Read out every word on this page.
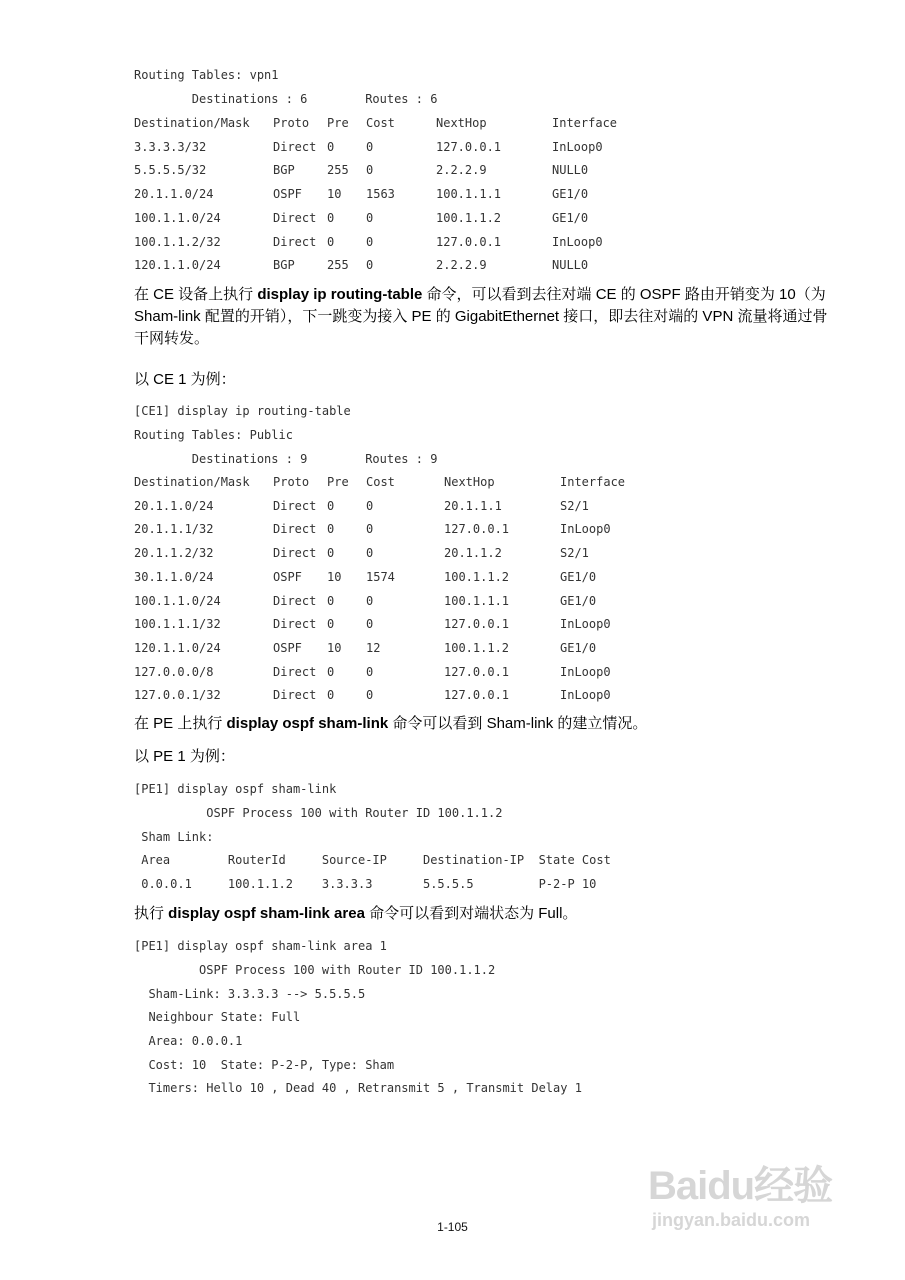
Routing Tables: vpn1
Destinations : 6        Routes : 6
Destination/Mask Proto Pre Cost	NextHop	Interface
3.3.3.3/32	Direct 0	0	127.0.0.1	InLoop0
5.5.5.5/32	BGP	255 0	2.2.2.9	NULL0
20.1.1.0/24	OSPF 10 1563	100.1.1.1	GE1/0
100.1.1.0/24	Direct 0	0	100.1.1.2	GE1/0
100.1.1.2/32	Direct 0	0	127.0.0.1	InLoop0
120.1.1.0/24	BGP	255 0	2.2.2.9	NULL0

在 CE 设备上执行 display ip routing-table 命令，可以看到去往对端 CE 的 OSPF 路由开销变为 10（为 Sham-link 配置的开销），下一跳变为接入 PE 的 GigabitEthernet 接口，即去往对端的 VPN 流量将通过骨干网转发。

以 CE 1 为例：

[CE1] display ip routing-table
Routing Tables: Public
Destinations : 9        Routes : 9
Destination/Mask Proto Pre Cost	NextHop	Interface
20.1.1.0/24	Direct 0	0	20.1.1.1	S2/1
20.1.1.1/32	Direct 0	0	127.0.0.1	InLoop0
20.1.1.2/32	Direct 0	0	20.1.1.2	S2/1
30.1.1.0/24	OSPF 10 1574	100.1.1.2	GE1/0
100.1.1.0/24	Direct 0	0	100.1.1.1	GE1/0
100.1.1.1/32	Direct 0	0	127.0.0.1	InLoop0
120.1.1.0/24	OSPF 10 12	100.1.1.2	GE1/0
127.0.0.0/8	Direct 0	0	127.0.0.1	InLoop0
127.0.0.1/32	Direct 0	0	127.0.0.1	InLoop0

在 PE 上执行 display ospf sham-link 命令可以看到 Sham-link 的建立情况。

以 PE 1 为例：

[PE1] display ospf sham-link
OSPF Process 100 with Router ID 100.1.1.2
Sham Link:
Area        RouterId     Source-IP     Destination-IP  State Cost
0.0.0.1     100.1.1.2    3.3.3.3       5.5.5.5         P-2-P 10

执行 display ospf sham-link area 命令可以看到对端状态为 Full。

[PE1] display ospf sham-link area 1
OSPF Process 100 with Router ID 100.1.1.2
Sham-Link: 3.3.3.3 --> 5.5.5.5
Neighbour State: Full
Area: 0.0.0.1
Cost: 10  State: P-2-P, Type: Sham
Timers: Hello 10 , Dead 40 , Retransmit 5 , Transmit Delay 1
Baidu经验
jingyan.baidu.com
1-105
